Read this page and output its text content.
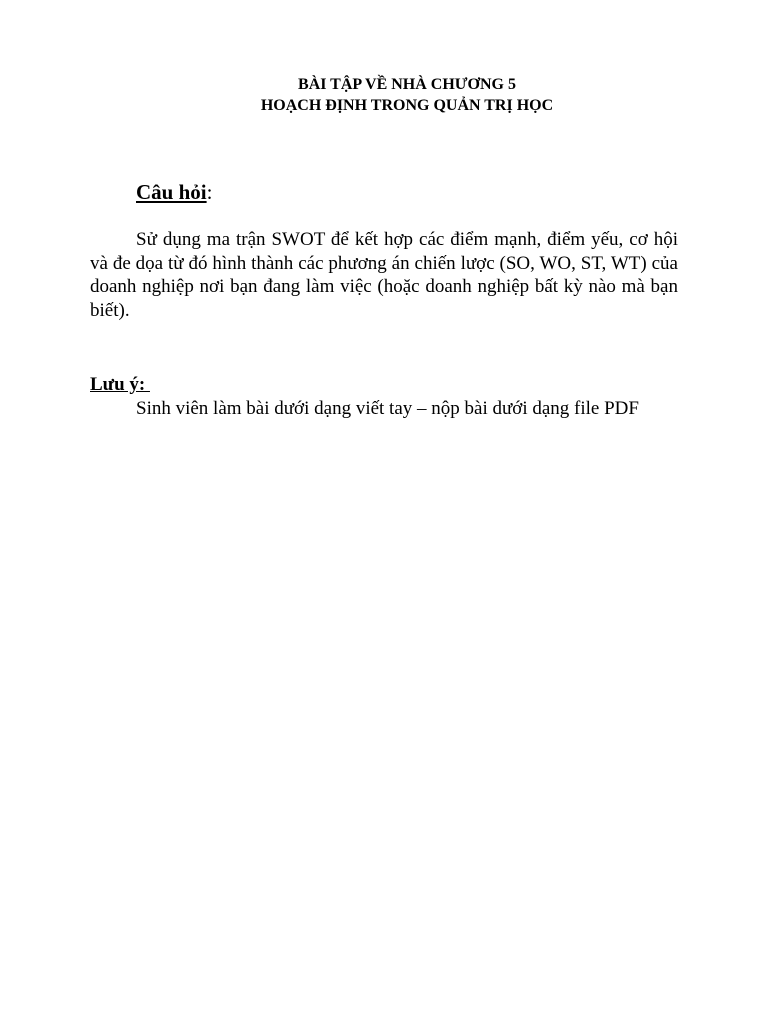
BÀI TẬP VỀ NHÀ CHƯƠNG 5
HOẠCH ĐỊNH TRONG QUẢN TRỊ HỌC
Câu hỏi:

Sử dụng ma trận SWOT để kết hợp các điểm mạnh, điểm yếu, cơ hội và đe dọa từ đó hình thành các phương án chiến lược (SO, WO, ST, WT) của doanh nghiệp nơi bạn đang làm việc (hoặc doanh nghiệp bất kỳ nào mà bạn biết).

Lưu ý:
Sinh viên làm bài dưới dạng viết tay – nộp bài dưới dạng file PDF
